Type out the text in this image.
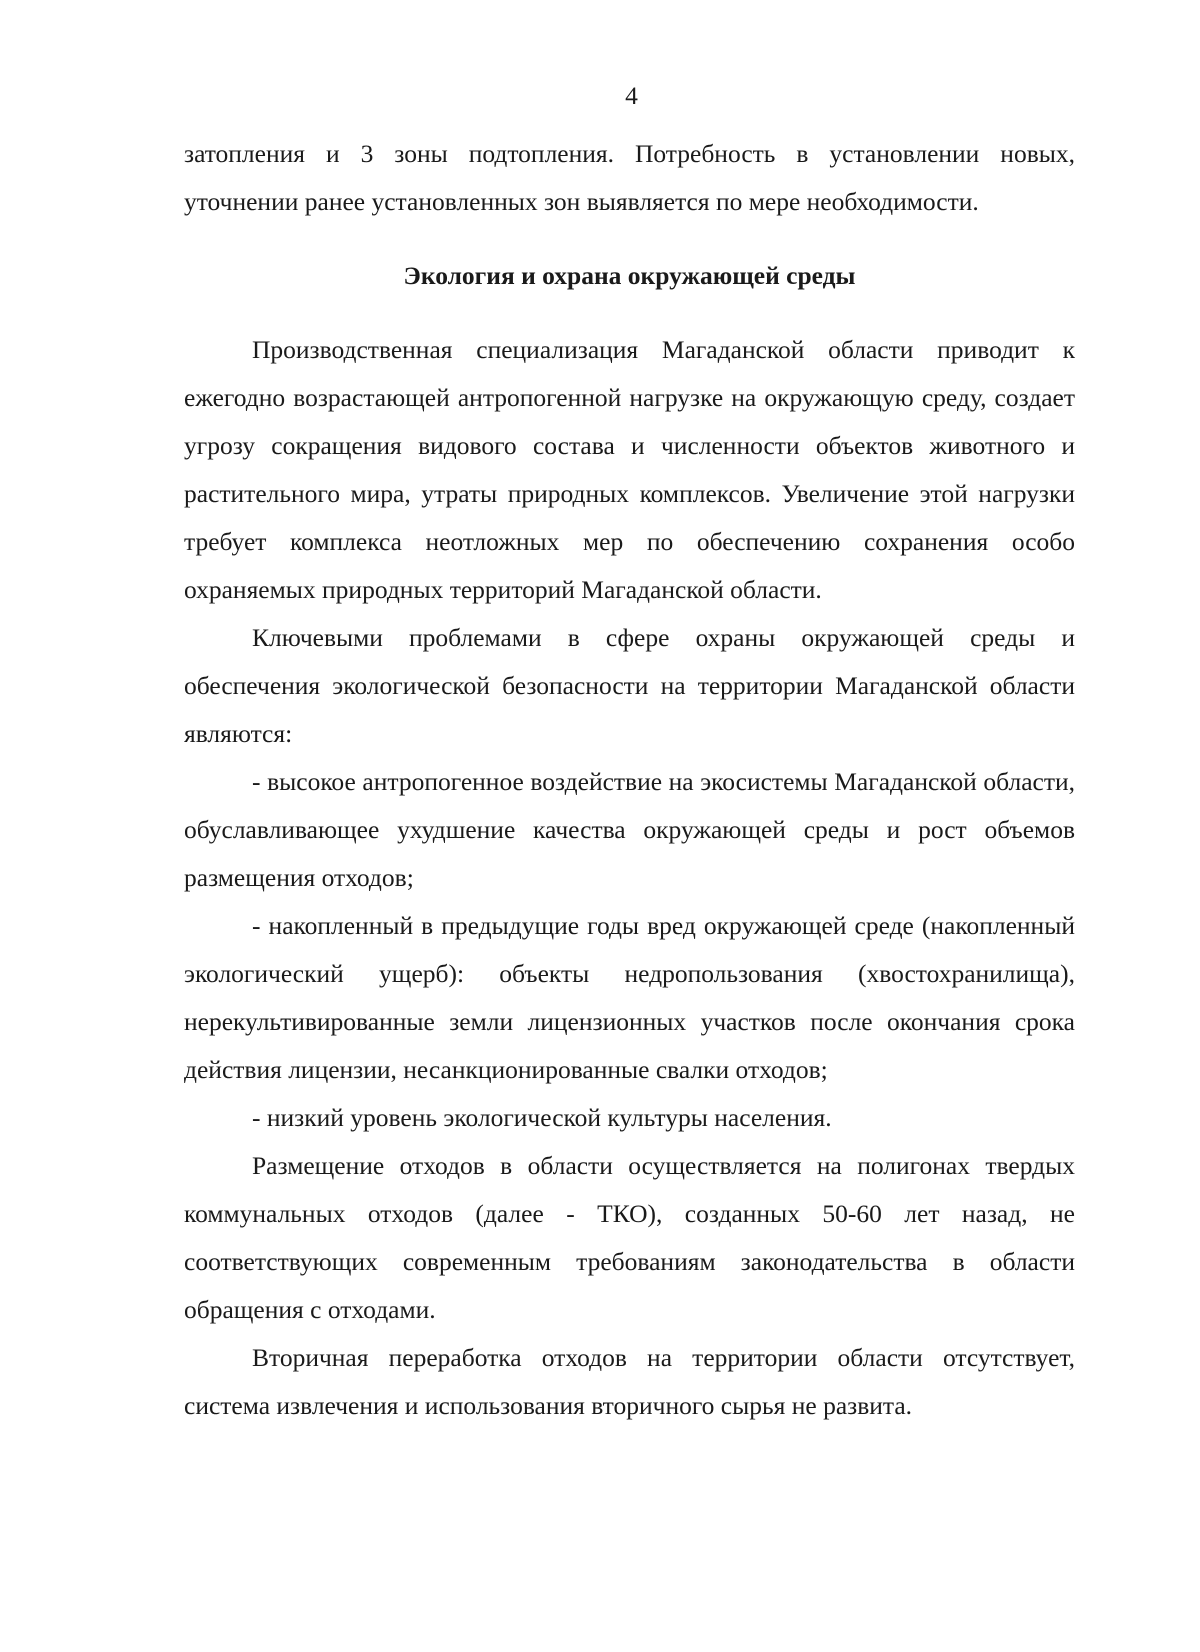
4

затопления и 3 зоны подтопления. Потребность в установлении новых, уточнении ранее установленных зон выявляется по мере необходимости.

Экология и охрана окружающей среды

Производственная специализация Магаданской области приводит к ежегодно возрастающей антропогенной нагрузке на окружающую среду, создает угрозу сокращения видового состава и численности объектов животного и растительного мира, утраты природных комплексов. Увеличение этой нагрузки требует комплекса неотложных мер по обеспечению сохранения особо охраняемых природных территорий Магаданской области.

Ключевыми проблемами в сфере охраны окружающей среды и обеспечения экологической безопасности на территории Магаданской области являются:

- высокое антропогенное воздействие на экосистемы Магаданской области, обуславливающее ухудшение качества окружающей среды и рост объемов размещения отходов;

- накопленный в предыдущие годы вред окружающей среде (накопленный экологический ущерб): объекты недропользования (хвостохранилища), нерекультивированные земли лицензионных участков после окончания срока действия лицензии, несанкционированные свалки отходов;

- низкий уровень экологической культуры населения.

Размещение отходов в области осуществляется на полигонах твердых коммунальных отходов (далее - ТКО), созданных 50-60 лет назад, не соответствующих современным требованиям законодательства в области обращения с отходами.

Вторичная переработка отходов на территории области отсутствует, система извлечения и использования вторичного сырья не развита.
